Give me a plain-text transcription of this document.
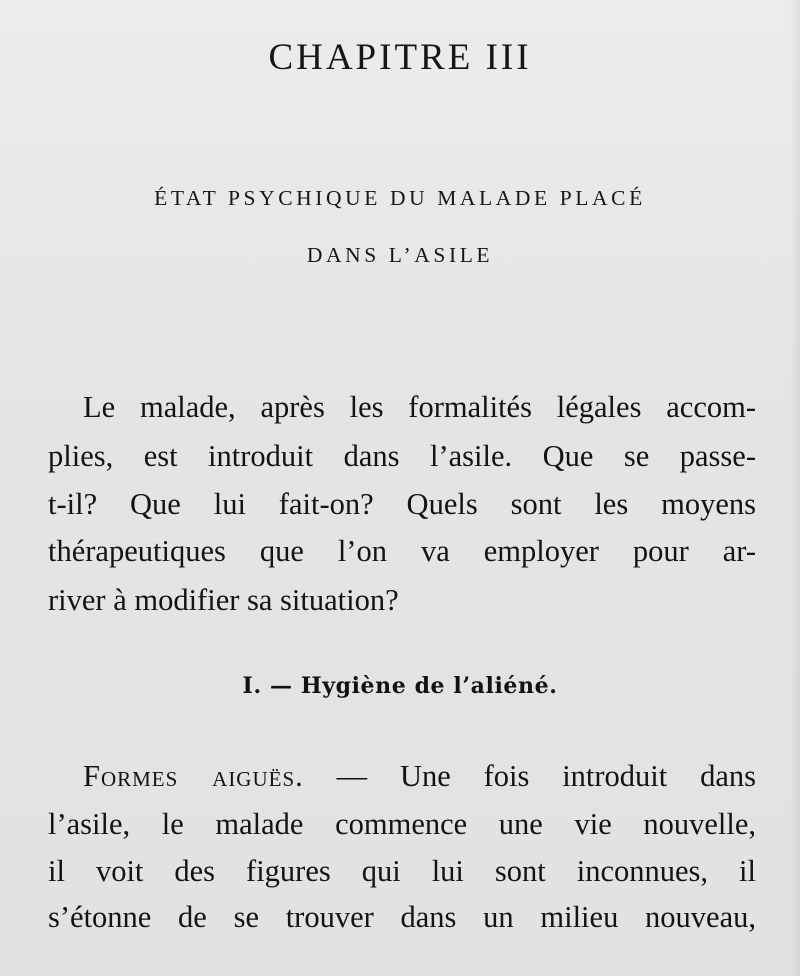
CHAPITRE III
ÉTAT PSYCHIQUE DU MALADE PLACÉ
DANS L’ASILE
Le malade, après les formalités légales accom-
plies, est introduit dans l’asile. Que se passe-
t-il? Que lui fait-on? Quels sont les moyens
thérapeutiques que l’on va employer pour ar-
river à modifier sa situation?
I. — Hygiène de l’aliéné.
Formes aiguës. — Une fois introduit dans
l’asile, le malade commence une vie nouvelle,
il voit des figures qui lui sont inconnues, il
s’étonne de se trouver dans un milieu nouveau,
